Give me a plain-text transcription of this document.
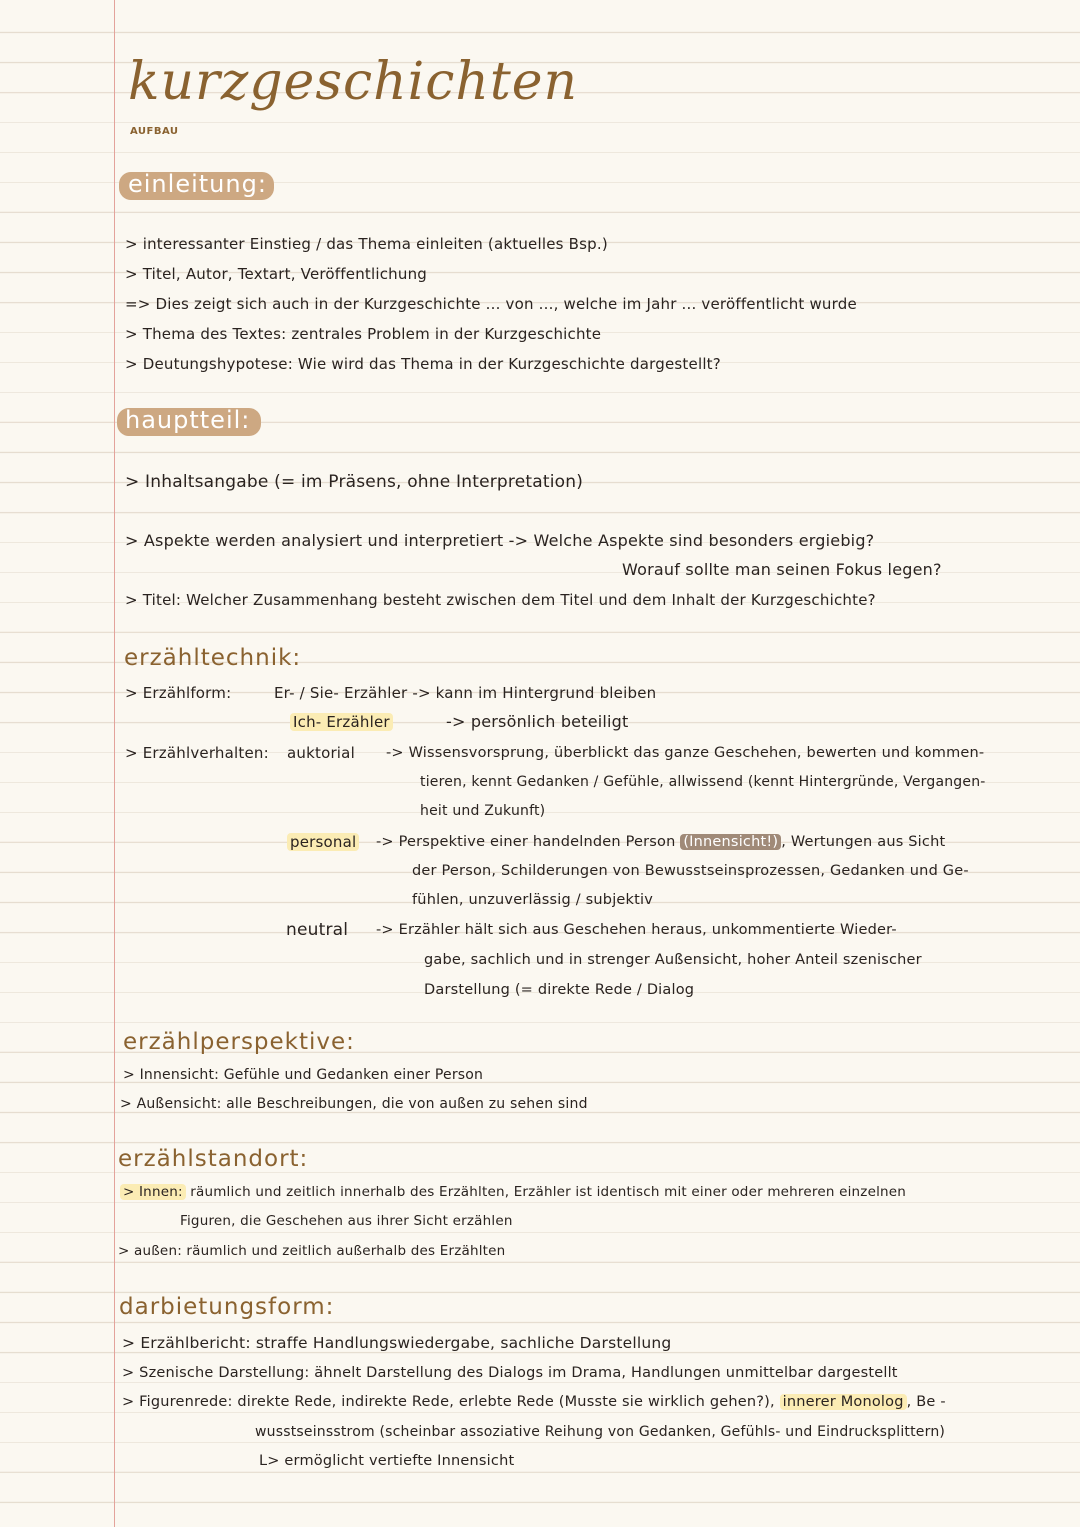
kurzgeschichten
AUFBAU
einleitung:
> interessanter Einstieg / das Thema einleiten (aktuelles Bsp.)
> Titel, Autor, Textart, Veröffentlichung
=> Dies zeigt sich auch in der Kurzgeschichte ... von ..., welche im Jahr ... veröffentlicht wurde
> Thema des Textes: zentrales Problem in der Kurzgeschichte
> Deutungshypotese: Wie wird das Thema in der Kurzgeschichte dargestellt?
hauptteil:
> Inhaltsangabe (= im Präsens, ohne Interpretation)
> Aspekte werden analysiert und interpretiert -> Welche Aspekte sind besonders ergiebig?
Worauf sollte man seinen Fokus legen?
> Titel: Welcher Zusammenhang besteht zwischen dem Titel und dem Inhalt der Kurzgeschichte?
erzähltechnik:
> Erzählform:	Er- / Sie- Erzähler -> kann im Hintergrund bleiben
Ich- Erzähler	-> persönlich beteiligt
> Erzählverhalten: auktorial -> Wissensvorsprung, überblickt das ganze Geschehen, bewerten und kommen-
tieren, kennt Gedanken / Gefühle, allwissend (kennt Hintergründe, Vergangen-
heit und Zukunft)
personal -> Perspektive einer handelnden Person (Innensicht!) , Wertungen aus Sicht
der Person, Schilderungen von Bewusstseinsprozessen, Gedanken und Ge-
fühlen, unzuverlässig / subjektiv
neutral -> Erzähler hält sich aus Geschehen heraus, unkommentierte Wieder-
gabe, sachlich und in strenger Außensicht, hoher Anteil szenischer
Darstellung (= direkte Rede / Dialog
erzählperspektive:
> Innensicht: Gefühle und Gedanken einer Person
> Außensicht: alle Beschreibungen, die von außen zu sehen sind
erzählstandort:
> Innen: räumlich und zeitlich innerhalb des Erzählten, Erzähler ist identisch mit einer oder mehreren einzelnen
Figuren, die Geschehen aus ihrer Sicht erzählen
> außen: räumlich und zeitlich außerhalb des Erzählten
darbietungsform:
> Erzählbericht: straffe Handlungswiedergabe, sachliche Darstellung
> Szenische Darstellung: ähnelt Darstellung des Dialogs im Drama, Handlungen unmittelbar dargestellt
> Figurenrede: direkte Rede, indirekte Rede, erlebte Rede (Musste sie wirklich gehen?), innerer Monolog , Be -
wusstseinsstrom (scheinbar assoziative Reihung von Gedanken, Gefühls- und Eindrucksplittern)
L> ermöglicht vertiefte Innensicht
